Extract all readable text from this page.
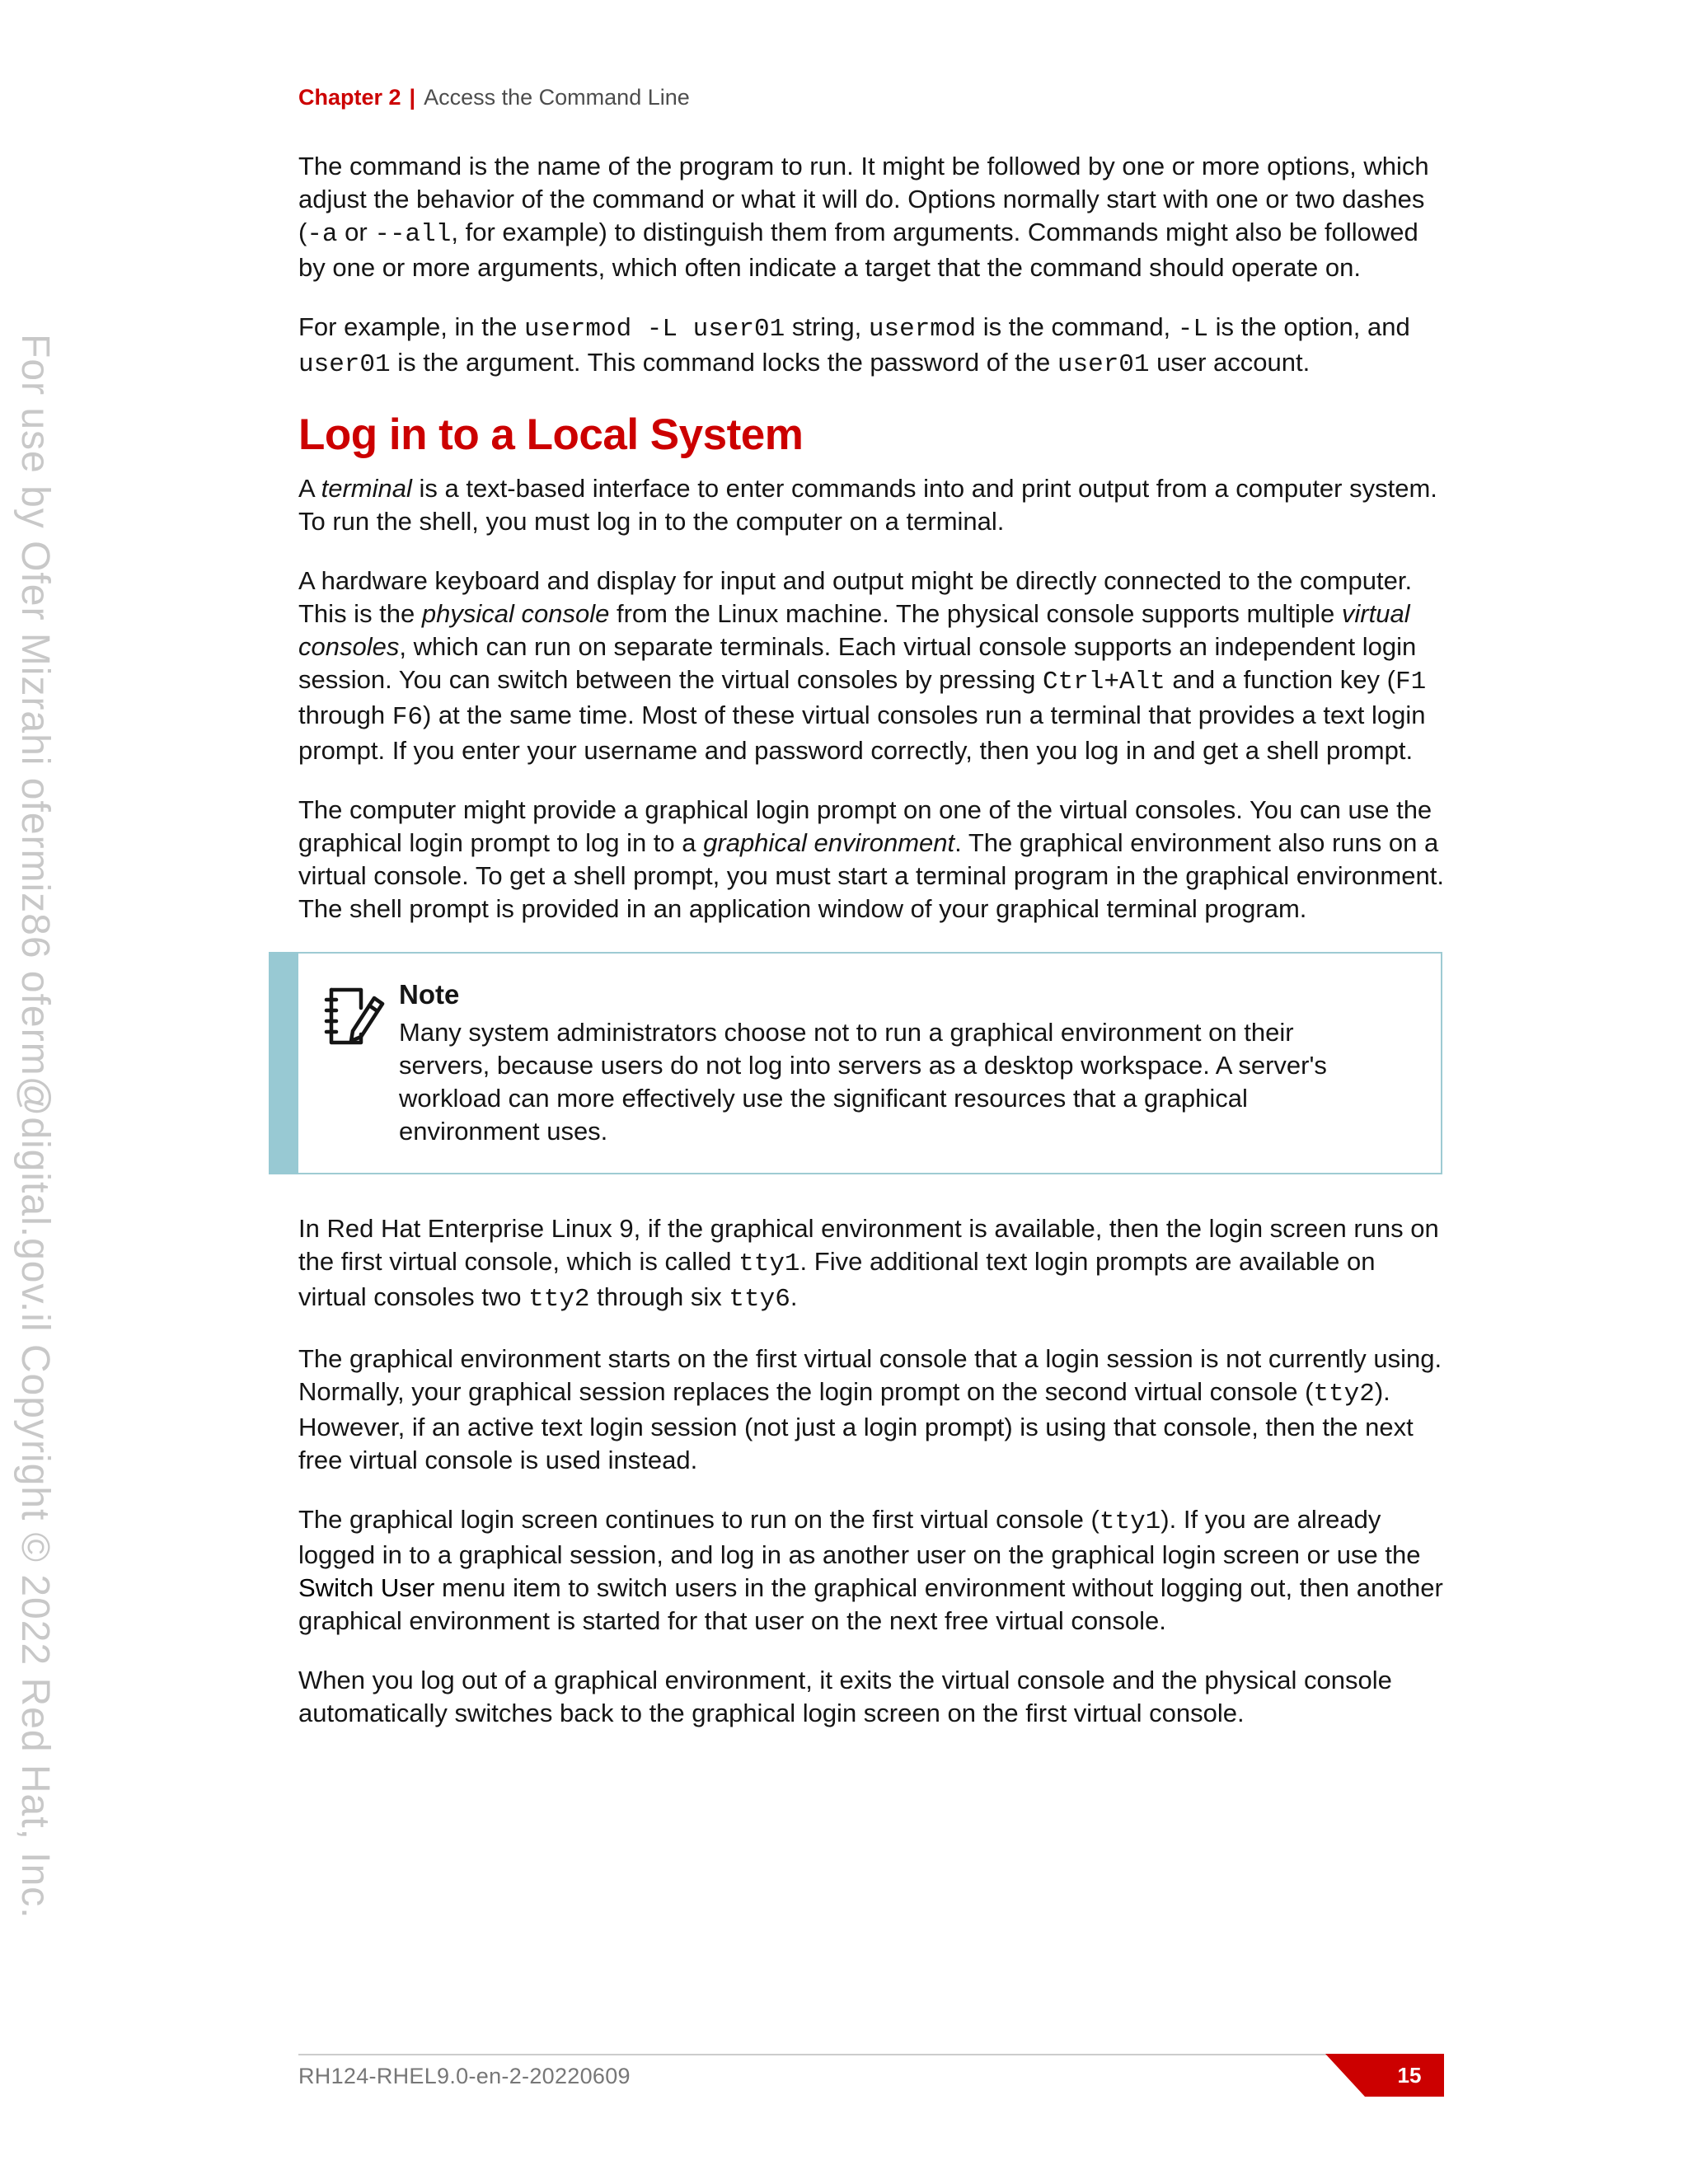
Chapter 2 | Access the Command Line
For use by Ofer Mizrahi ofermiz86 oferm@digital.gov.il Copyright © 2022 Red Hat, Inc.

The command is the name of the program to run. It might be followed by one or more options, which adjust the behavior of the command or what it will do. Options normally start with one or two dashes (-a or --all, for example) to distinguish them from arguments. Commands might also be followed by one or more arguments, which often indicate a target that the command should operate on.

For example, in the usermod -L user01 string, usermod is the command, -L is the option, and user01 is the argument. This command locks the password of the user01 user account.

Log in to a Local System

A terminal is a text-based interface to enter commands into and print output from a computer system. To run the shell, you must log in to the computer on a terminal.

A hardware keyboard and display for input and output might be directly connected to the computer. This is the physical console from the Linux machine. The physical console supports multiple virtual consoles, which can run on separate terminals. Each virtual console supports an independent login session. You can switch between the virtual consoles by pressing Ctrl+Alt and a function key (F1 through F6) at the same time. Most of these virtual consoles run a terminal that provides a text login prompt. If you enter your username and password correctly, then you log in and get a shell prompt.

The computer might provide a graphical login prompt on one of the virtual consoles. You can use the graphical login prompt to log in to a graphical environment. The graphical environment also runs on a virtual console. To get a shell prompt, you must start a terminal program in the graphical environment. The shell prompt is provided in an application window of your graphical terminal program.

Note
Many system administrators choose not to run a graphical environment on their servers, because users do not log into servers as a desktop workspace. A server's workload can more effectively use the significant resources that a graphical environment uses.

In Red Hat Enterprise Linux 9, if the graphical environment is available, then the login screen runs on the first virtual console, which is called tty1. Five additional text login prompts are available on virtual consoles two tty2 through six tty6.

The graphical environment starts on the first virtual console that a login session is not currently using. Normally, your graphical session replaces the login prompt on the second virtual console (tty2). However, if an active text login session (not just a login prompt) is using that console, then the next free virtual console is used instead.

The graphical login screen continues to run on the first virtual console (tty1). If you are already logged in to a graphical session, and log in as another user on the graphical login screen or use the Switch User menu item to switch users in the graphical environment without logging out, then another graphical environment is started for that user on the next free virtual console.

When you log out of a graphical environment, it exits the virtual console and the physical console automatically switches back to the graphical login screen on the first virtual console.

RH124-RHEL9.0-en-2-20220609	15
